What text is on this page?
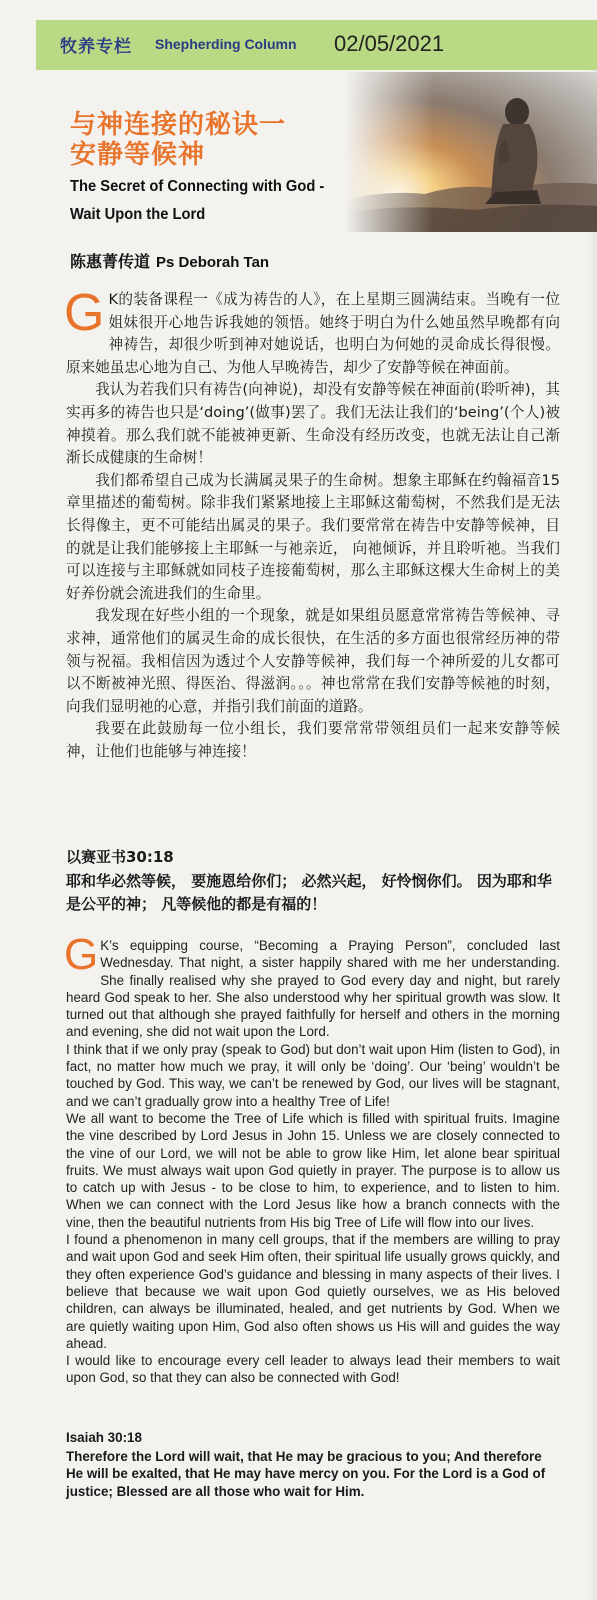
牧养专栏 Shepherding Column 02/05/2021
与神连接的秘诀一
安静等候神
The Secret of Connecting with God -
Wait Upon the Lord
陈惠菁传道 Ps Deborah Tan

GK的装备课程一《成为祷告的人》，在上星期三圆满结束。当晚有一位姐妹很开心地告诉我她的领悟。她终于明白为什么她虽然早晚都有向神祷告，却很少听到神对她说话，也明白为何她的灵命成长得很慢。原来她虽忠心地为自己、为他人早晚祷告，却少了安静等候在神面前。

我认为若我们只有祷告(向神说)，却没有安静等候在神面前(聆听神)，其实再多的祷告也只是‘doing’(做事)罢了。我们无法让我们的‘being’(个人)被神摸着。那么我们就不能被神更新、生命没有经历改变，也就无法让自己渐渐长成健康的生命树！

我们都希望自己成为长满属灵果子的生命树。想象主耶稣在约翰福音15章里描述的葡萄树。除非我们紧紧地接上主耶稣这葡萄树，不然我们是无法长得像主，更不可能结出属灵的果子。我们要常常在祷告中安静等候神，目的就是让我们能够接上主耶稣一与祂亲近， 向祂倾诉，并且聆听祂。当我们可以连接与主耶稣就如同枝子连接葡萄树，那么主耶稣这棵大生命树上的美好养份就会流进我们的生命里。

我发现在好些小组的一个现象，就是如果组员愿意常常祷告等候神、寻求神，通常他们的属灵生命的成长很快，在生活的多方面也很常经历神的带领与祝福。我相信因为透过个人安静等候神，我们每一个神所爱的儿女都可以不断被神光照、得医治、得滋润。。。神也常常在我们安静等候祂的时刻，向我们显明祂的心意，并指引我们前面的道路。

我要在此鼓励每一位小组长，我们要常常带领组员们一起来安静等候神，让他们也能够与神连接！

以赛亚书30:18
耶和华必然等候， 要施恩给你们； 必然兴起， 好怜悯你们。 因为耶和华是公平的神； 凡等候他的都是有福的！

G K’s equipping course, “Becoming a Praying Person”, concluded last Wednesday. That night, a sister happily shared with me her understanding. She finally realised why she prayed to God every day and night, but rarely heard God speak to her. She also understood why her spiritual growth was slow. It turned out that although she prayed faithfully for herself and others in the morning and evening, she did not wait upon the Lord.

I think that if we only pray (speak to God) but don’t wait upon Him (listen to God), in fact, no matter how much we pray, it will only be ‘doing’. Our ‘being’ wouldn’t be touched by God. This way, we can’t be renewed by God, our lives will be stagnant, and we can’t gradually grow into a healthy Tree of Life!

We all want to become the Tree of Life which is filled with spiritual fruits. Imagine the vine described by Lord Jesus in John 15. Unless we are closely connected to the vine of our Lord, we will not be able to grow like Him, let alone bear spiritual fruits. We must always wait upon God quietly in prayer. The purpose is to allow us to catch up with Jesus - to be close to him, to experience, and to listen to him. When we can connect with the Lord Jesus like how a branch connects with the vine, then the beautiful nutrients from His big Tree of Life will flow into our lives.

I found a phenomenon in many cell groups, that if the members are willing to pray and wait upon God and seek Him often, their spiritual life usually grows quickly, and they often experience God’s guidance and blessing in many aspects of their lives. I believe that because we wait upon God quietly ourselves, we as His beloved children, can always be illuminated, healed, and get nutrients by God. When we are quietly waiting upon Him, God also often shows us His will and guides the way ahead.

I would like to encourage every cell leader to always lead their members to wait upon God, so that they can also be connected with God!

Isaiah 30:18
Therefore the Lord will wait, that He may be gracious to you; And therefore He will be exalted, that He may have mercy on you. For the Lord is a God of justice; Blessed are all those who wait for Him.
